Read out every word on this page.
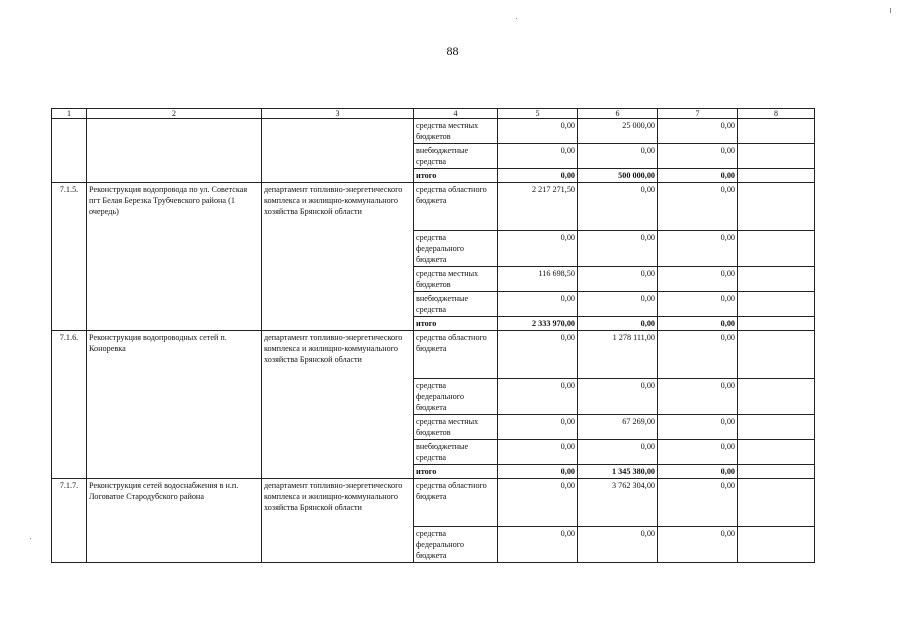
88
1	2	3	4	5	6	7	8
			средства местных бюджетов	0,00	25 000,00	0,00	
			внебюджетные средства	0,00	0,00	0,00	
			итого	0,00	500 000,00	0,00	
7.1.5.	Реконструкция водопровода по ул. Советская пгт Белая Березка Трубчевского района (1 очередь)	департамент топливно-энергетического комплекса и жилищно-коммунального хозяйства Брянской области	средства областного бюджета	2 217 271,50	0,00	0,00	
			средства федерального бюджета	0,00	0,00	0,00	
			средства местных бюджетов	116 698,50	0,00	0,00	
			внебюджетные средства	0,00	0,00	0,00	
			итого	2 333 970,00	0,00	0,00	
7.1.6.	Реконструкция водопроводных сетей п. Коноревка	департамент топливно-энергетического комплекса и жилищно-коммунального хозяйства Брянской области	средства областного бюджета	0,00	1 278 111,00	0,00	
			средства федерального бюджета	0,00	0,00	0,00	
			средства местных бюджетов	0,00	67 269,00	0,00	
			внебюджетные средства	0,00	0,00	0,00	
			итого	0,00	1 345 380,00	0,00	
7.1.7.	Реконструкция сетей водоснабжения в н.п. Логоватое Стародубского района	департамент топливно-энергетического комплекса и жилищно-коммунального хозяйства Брянской области	средства областного бюджета	0,00	3 762 304,00	0,00	
			средства федерального бюджета	0,00	0,00	0,00	
